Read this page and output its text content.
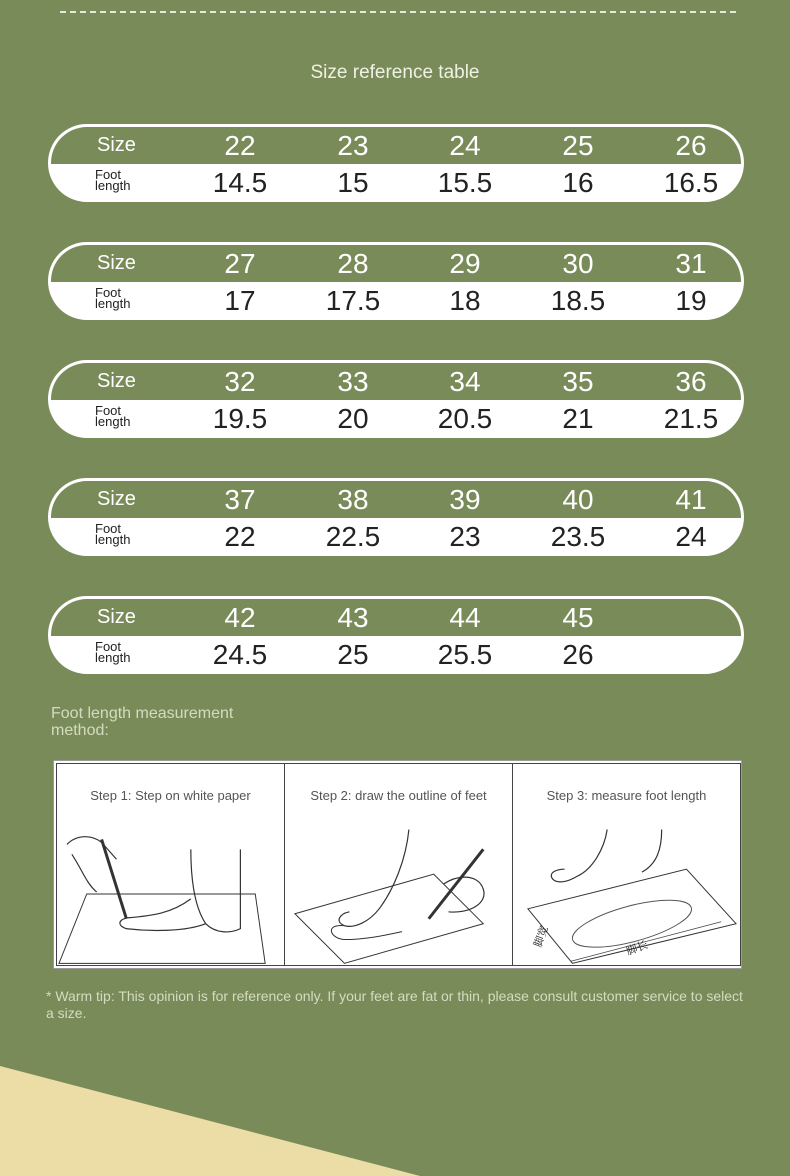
Size reference table
Size	22	23	24	25	26
Foot
length	14.5	15	15.5	16	16.5
Size	27	28	29	30	31
Foot
length	17	17.5	18	18.5	19
Size	32	33	34	35	36
Foot
length	19.5	20	20.5	21	21.5
Size	37	38	39	40	41
Foot
length	22	22.5	23	23.5	24
Size	42	43	44	45
Foot
length	24.5	25	25.5	26
Foot length measurement
method:
Step 1: Step on white paper	Step 2: draw the outline of feet	Step 3: measure foot length
脚宽	脚长
* Warm tip: This opinion is for reference only. If your feet are fat or thin, please consult customer service to select a size.
